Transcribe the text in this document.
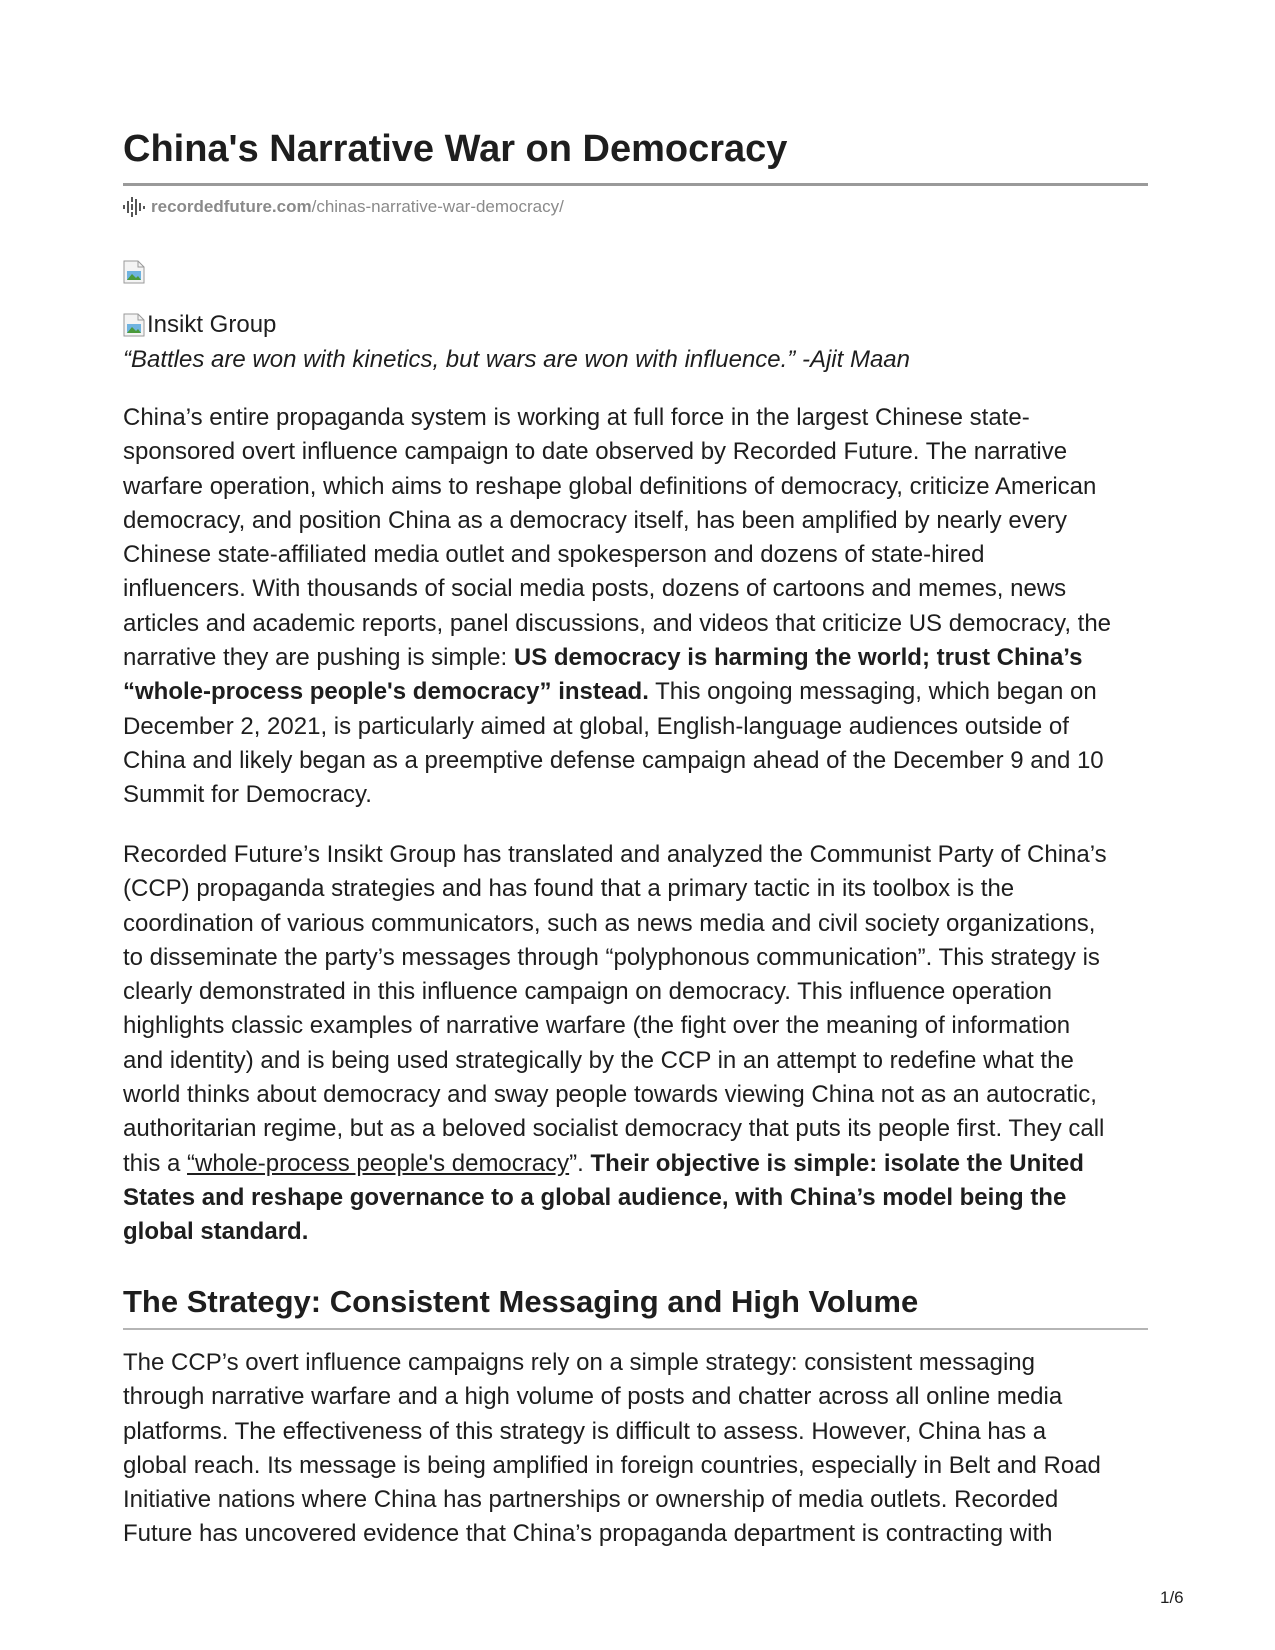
China's Narrative War on Democracy
recordedfuture.com /chinas-narrative-war-democracy/
Insikt Group

“Battles are won with kinetics, but wars are won with influence.” -Ajit Maan

China’s entire propaganda system is working at full force in the largest Chinese state-
sponsored overt influence campaign to date observed by Recorded Future. The narrative
warfare operation, which aims to reshape global definitions of democracy, criticize American
democracy, and position China as a democracy itself, has been amplified by nearly every
Chinese state-affiliated media outlet and spokesperson and dozens of state-hired
influencers. With thousands of social media posts, dozens of cartoons and memes, news
articles and academic reports, panel discussions, and videos that criticize US democracy, the
narrative they are pushing is simple: US democracy is harming the world; trust China’s
“whole-process people's democracy” instead. This ongoing messaging, which began on
December 2, 2021, is particularly aimed at global, English-language audiences outside of
China and likely began as a preemptive defense campaign ahead of the December 9 and 10
Summit for Democracy.
Recorded Future’s Insikt Group has translated and analyzed the Communist Party of China’s
(CCP) propaganda strategies and has found that a primary tactic in its toolbox is the
coordination of various communicators, such as news media and civil society organizations,
to disseminate the party’s messages through “polyphonous communication”. This strategy is
clearly demonstrated in this influence campaign on democracy. This influence operation
highlights classic examples of narrative warfare (the fight over the meaning of information
and identity) and is being used strategically by the CCP in an attempt to redefine what the
world thinks about democracy and sway people towards viewing China not as an autocratic,
authoritarian regime, but as a beloved socialist democracy that puts its people first. They call
this a “whole-process people's democracy”. Their objective is simple: isolate the United
States and reshape governance to a global audience, with China’s model being the
global standard.
The Strategy: Consistent Messaging and High Volume
The CCP’s overt influence campaigns rely on a simple strategy: consistent messaging
through narrative warfare and a high volume of posts and chatter across all online media
platforms. The effectiveness of this strategy is difficult to assess. However, China has a
global reach. Its message is being amplified in foreign countries, especially in Belt and Road
Initiative nations where China has partnerships or ownership of media outlets. Recorded
Future has uncovered evidence that China’s propaganda department is contracting with
1/6
